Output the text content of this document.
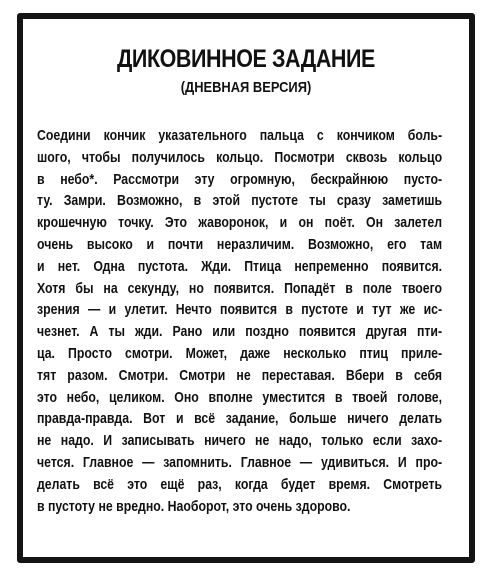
ДИКОВИННОЕ ЗАДАНИЕ
(ДНЕВНАЯ ВЕРСИЯ)
Соедини кончик указательного пальца с кончиком боль-
шого, чтобы получилось кольцо. Посмотри сквозь кольцо
в небо*. Рассмотри эту огромную, бескрайнюю пусто-
ту. Замри. Возможно, в этой пустоте ты сразу заметишь
крошечную точку. Это жаворонок, и он поёт. Он залетел
очень высоко и почти неразличим. Возможно, его там
и нет. Одна пустота. Жди. Птица непременно появится.
Хотя бы на секунду, но появится. Попадёт в поле твоего
зрения — и улетит. Нечто появится в пустоте и тут же ис-
чезнет. А ты жди. Рано или поздно появится другая пти-
ца. Просто смотри. Может, даже несколько птиц приле-
тят разом. Смотри. Смотри не переставая. Вбери в себя
это небо, целиком. Оно вполне уместится в твоей голове,
правда-правда. Вот и всё задание, больше ничего делать
не надо. И записывать ничего не надо, только если захо-
чется. Главное — запомнить. Главное — удивиться. И про-
делать всё это ещё раз, когда будет время. Смотреть
в пустоту не вредно. Наоборот, это очень здорово.
